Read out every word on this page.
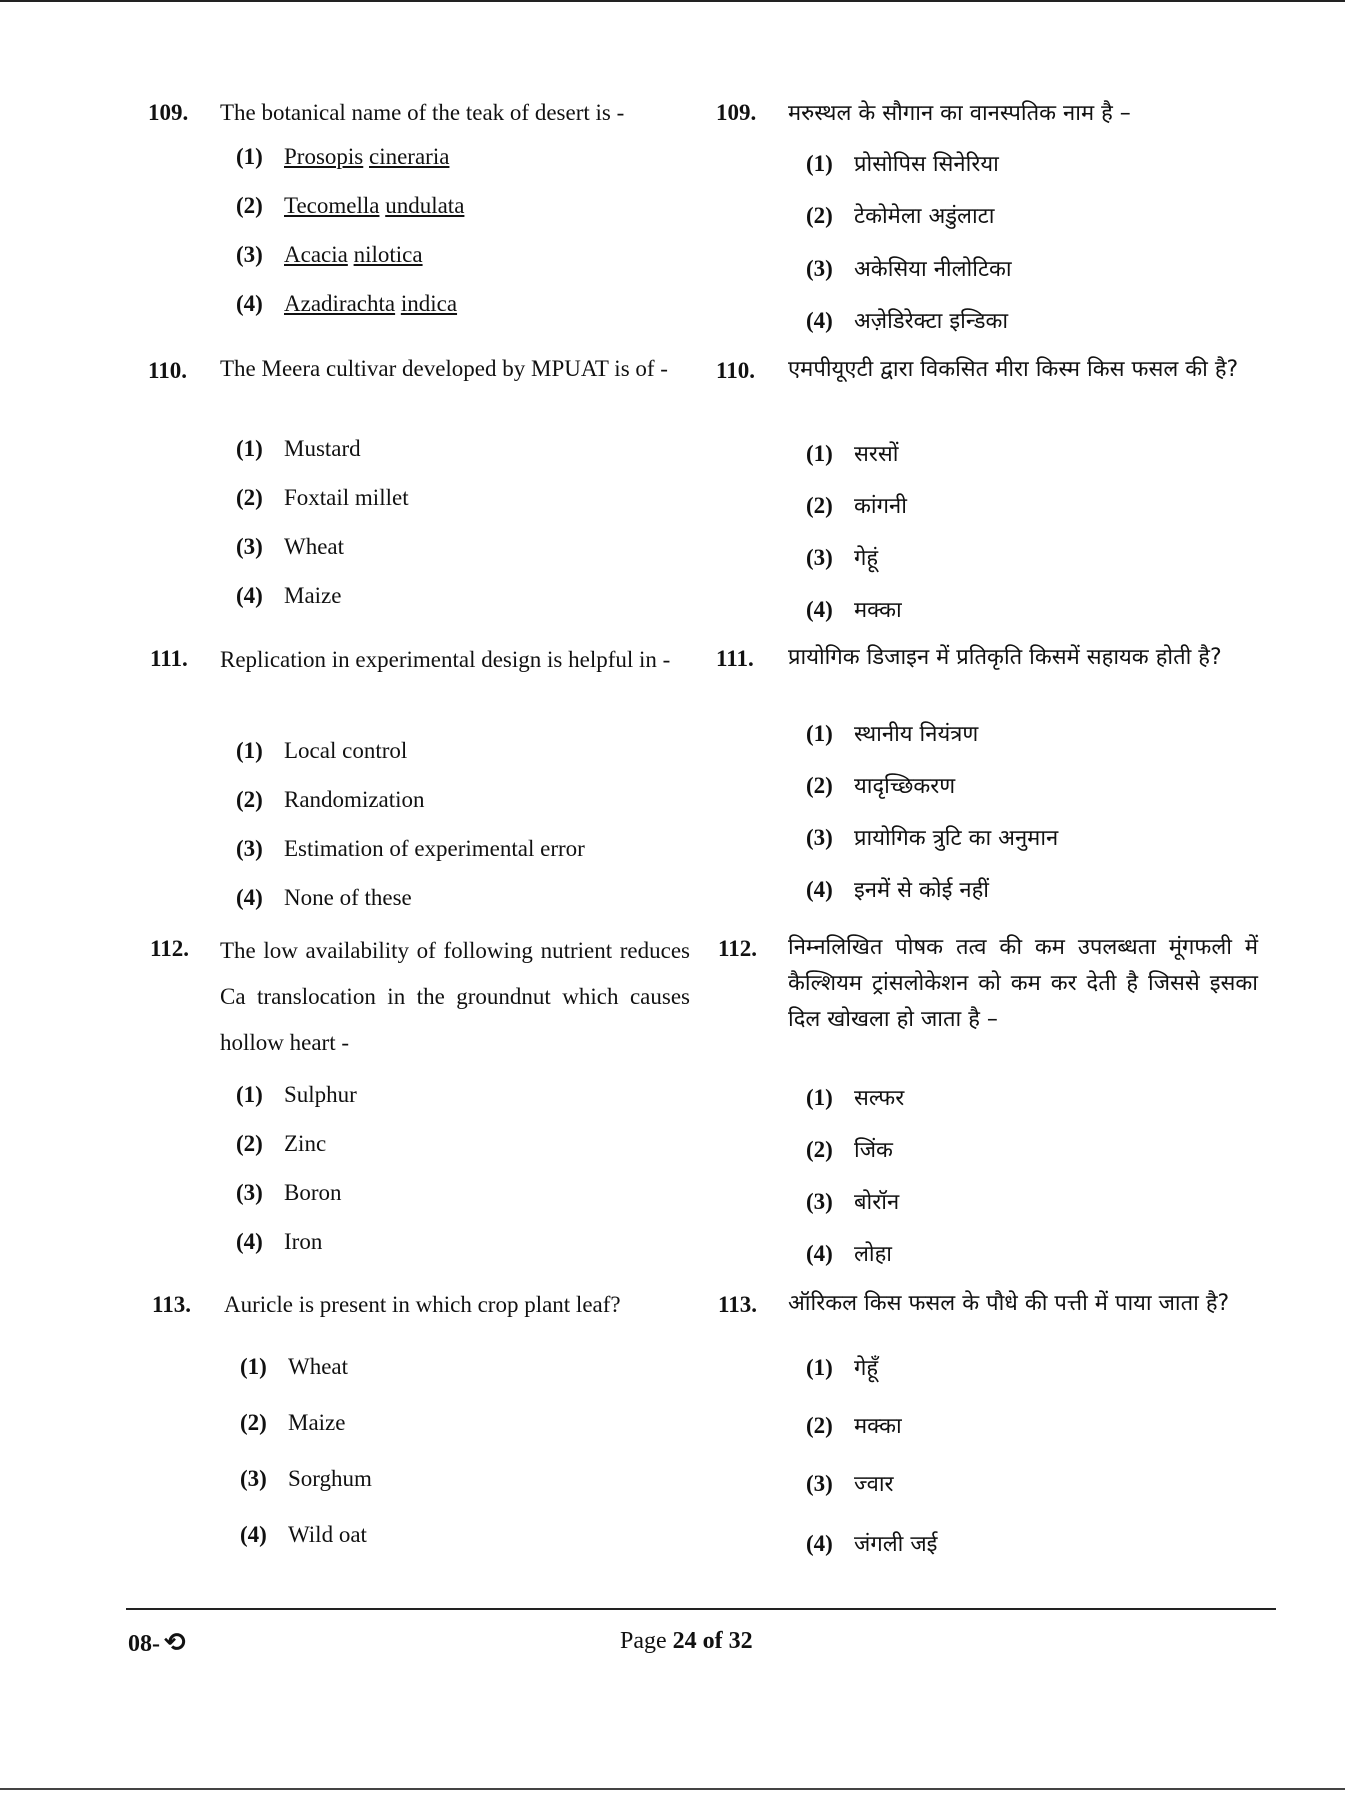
109. The botanical name of the teak of desert is -
(1) Prosopis cineraria
(2) Tecomella undulata
(3) Acacia nilotica
(4) Azadirachta indica
110. The Meera cultivar developed by MPUAT is of -
(1) Mustard
(2) Foxtail millet
(3) Wheat
(4) Maize
111. Replication in experimental design is helpful in -
(1) Local control
(2) Randomization
(3) Estimation of experimental error
(4) None of these
112. The low availability of following nutrient reduces Ca translocation in the groundnut which causes hollow heart -
(1) Sulphur
(2) Zinc
(3) Boron
(4) Iron
113. Auricle is present in which crop plant leaf?
(1) Wheat
(2) Maize
(3) Sorghum
(4) Wild oat
109. मरुस्थल के सौगान का वानस्पतिक नाम है –
(1) प्रोसोपिस सिनेरिया
(2) टेकोमेला अडुंलाटा
(3) अकेसिया नीलोटिका
(4) अज़ेडिरेक्टा इन्डिका
110. एमपीयूएटी द्वारा विकसित मीरा किस्म किस फसल की है?
(1) सरसों
(2) कांगनी
(3) गेहूं
(4) मक्का
111. प्रायोगिक डिजाइन में प्रतिकृति किसमें सहायक होती है?
(1) स्थानीय नियंत्रण
(2) यादृच्छिकरण
(3) प्रायोगिक त्रुटि का अनुमान
(4) इनमें से कोई नहीं
112. निम्नलिखित पोषक तत्व की कम उपलब्धता मूंगफली में कैल्शियम ट्रांसलोकेशन को कम कर देती है जिससे इसका दिल खोखला हो जाता है –
(1) सल्फर
(2) जिंक
(3) बोरॉन
(4) लोहा
113. ऑरिकल किस फसल के पौधे की पत्ती में पाया जाता है?
(1) गेहूँ
(2) मक्का
(3) ज्वार
(4) जंगली जई
08- ⟲	Page 24 of 32
